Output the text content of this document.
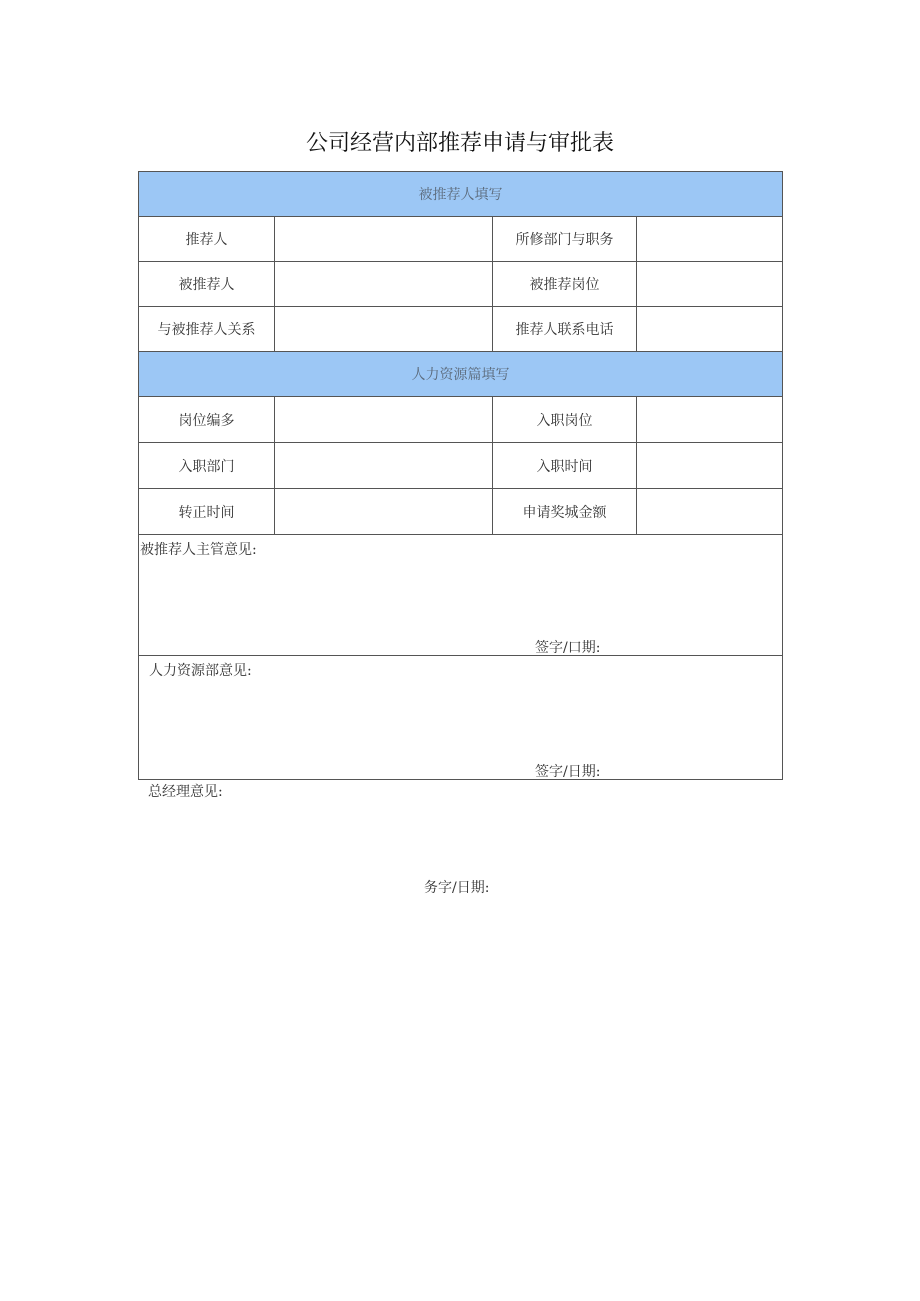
公司经营内部推荐申请与审批表
被推荐人填写			
推荐人		所修部门与职务	
被推荐人		被推荐岗位	
与被推荐人关系		推荐人联系电话	
人力资源篇填写			
岗位编多		入职岗位	
入职部门		入职时间	
转正时间		申请奖城金额	

被推荐人主管意见:
签字/口期:			

人力资源部意见:
签字/日期:			
总经理意见:
务字/日期:
